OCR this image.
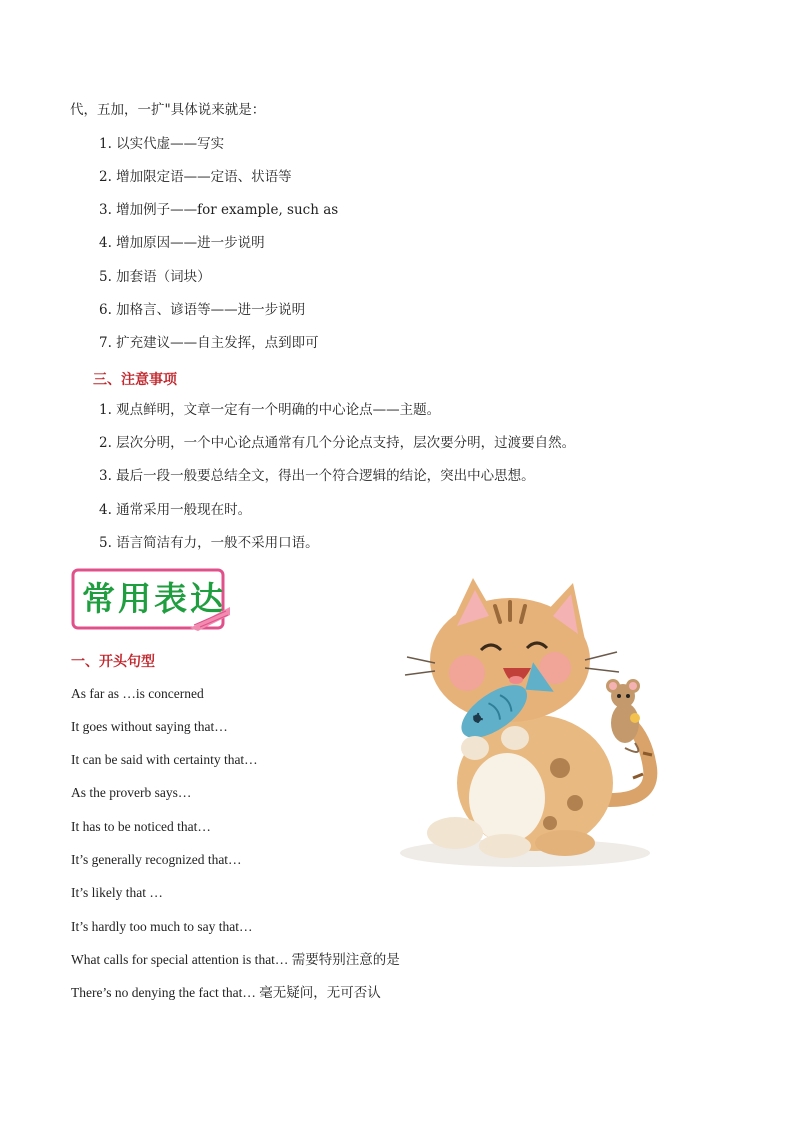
代，五加，一扩"具体说来就是：
1. 以实代虚——写实
2. 增加限定语——定语、状语等
3. 增加例子——for example, such as
4. 增加原因——进一步说明
5. 加套语（词块）
6. 加格言、谚语等——进一步说明
7. 扩充建议——自主发挥，点到即可
三、注意事项
1. 观点鲜明，文章一定有一个明确的中心论点——主题。
2. 层次分明，一个中心论点通常有几个分论点支持，层次要分明，过渡要自然。
3. 最后一段一般要总结全文，得出一个符合逻辑的结论，突出中心思想。
4. 通常采用一般现在时。
5. 语言简洁有力，一般不采用口语。
常用表达
一、开头句型
As far as …is concerned
It goes without saying that…
It can be said with certainty that…
As the proverb says…
It has to be noticed that…
It’s generally recognized that…
It’s likely that …
It’s hardly too much to say that…
What calls for special attention is that… 需要特别注意的是
There’s no denying the fact that… 毫无疑问，无可否认
